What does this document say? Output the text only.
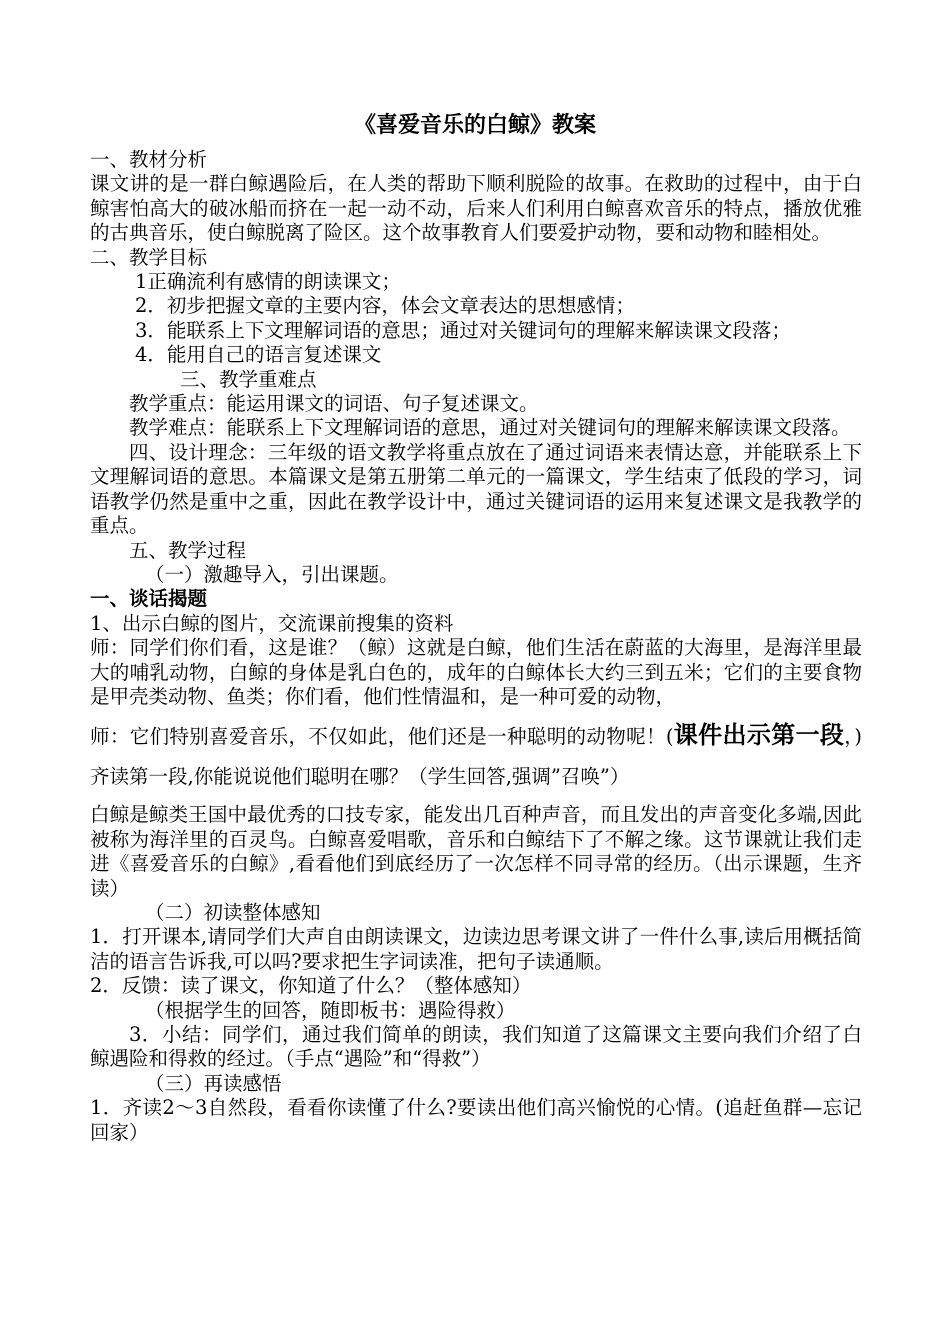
《喜爱音乐的白鲸》教案

一、教材分析

课文讲的是一群白鲸遇险后，在人类的帮助下顺利脱险的故事。在救助的过程中，由于白鲸害怕高大的破冰船而挤在一起一动不动，后来人们利用白鲸喜欢音乐的特点，播放优雅的古典音乐，使白鲸脱离了险区。这个故事教育人们要爱护动物，要和动物和睦相处。

二、教学目标

1正确流利有感情的朗读课文；

2．初步把握文章的主要内容，体会文章表达的思想感情；

3．能联系上下文理解词语的意思；通过对关键词句的理解来解读课文段落；

4．能用自己的语言复述课文

三、教学重难点

教学重点：能运用课文的词语、句子复述课文。

教学难点：能联系上下文理解词语的意思，通过对关键词句的理解来解读课文段落。

四、设计理念：三年级的语文教学将重点放在了通过词语来表情达意，并能联系上下文理解词语的意思。本篇课文是第五册第二单元的一篇课文，学生结束了低段的学习，词语教学仍然是重中之重，因此在教学设计中，通过关键词语的运用来复述课文是我教学的重点。

五、教学过程

（一）激趣导入，引出课题。

一、谈话揭题

1、出示白鲸的图片，交流课前搜集的资料

师：同学们你们看，这是谁？（鲸）这就是白鲸，他们生活在蔚蓝的大海里，是海洋里最大的哺乳动物，白鲸的身体是乳白色的，成年的白鲸体长大约三到五米；它们的主要食物是甲壳类动物、鱼类；你们看，他们性情温和，是一种可爱的动物，

师：它们特别喜爱音乐，不仅如此，他们还是一种聪明的动物呢！(课件出示第一段，)齐读第一段,你能说说他们聪明在哪？（学生回答,强调”召唤”）

白鲸是鲸类王国中最优秀的口技专家，能发出几百种声音，而且发出的声音变化多端,因此被称为海洋里的百灵鸟。白鲸喜爱唱歌，音乐和白鲸结下了不解之缘。这节课就让我们走进《喜爱音乐的白鲸》,看看他们到底经历了一次怎样不同寻常的经历。（出示课题，生齐读）

（二）初读整体感知

1．打开课本,请同学们大声自由朗读课文，边读边思考课文讲了一件什么事,读后用概括简洁的语言告诉我,可以吗?要求把生字词读准，把句子读通顺。

2．反馈：读了课文，你知道了什么？（整体感知）

（根据学生的回答，随即板书：遇险得救）

3．小结：同学们，通过我们简单的朗读，我们知道了这篇课文主要向我们介绍了白鲸遇险和得救的经过。（手点“遇险”和“得救”）

（三）再读感悟

1．齐读2～3自然段，看看你读懂了什么?要读出他们高兴愉悦的心情。(追赶鱼群—忘记回家）
